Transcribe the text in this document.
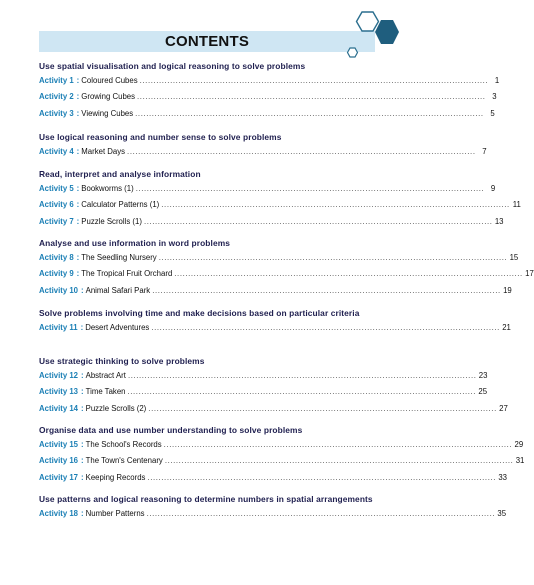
CONTENTS
Use spatial visualisation and logical reasoning to solve problems
Activity 1 : Coloured Cubes .............................................................................................................................. 1
Activity 2 : Growing Cubes .............................................................................................................................. 3
Activity 3 : Viewing Cubes .............................................................................................................................. 5
Use logical reasoning and number sense to solve problems
Activity 4 : Market Days .............................................................................................................................. 7
Read, interpret and analyse information
Activity 5 : Bookworms (1) .............................................................................................................................. 9
Activity 6 : Calculator Patterns (1) .............................................................................................................................. 11
Activity 7 : Puzzle Scrolls (1) .............................................................................................................................. 13
Analyse and use information in word problems
Activity 8 : The Seedling Nursery .............................................................................................................................. 15
Activity 9 : The Tropical Fruit Orchard .............................................................................................................................. 17
Activity 10 : Animal Safari Park .............................................................................................................................. 19
Solve problems involving time and make decisions based on particular criteria
Activity 11 : Desert Adventures .............................................................................................................................. 21
Use strategic thinking to solve problems
Activity 12 : Abstract Art .............................................................................................................................. 23
Activity 13 : Time Taken .............................................................................................................................. 25
Activity 14 : Puzzle Scrolls (2) .............................................................................................................................. 27
Organise data and use number understanding to solve problems
Activity 15 : The School's Records .............................................................................................................................. 29
Activity 16 : The Town's Centenary .............................................................................................................................. 31
Activity 17 : Keeping Records .............................................................................................................................. 33
Use patterns and logical reasoning to determine numbers in spatial arrangements
Activity 18 : Number Patterns .............................................................................................................................. 35
